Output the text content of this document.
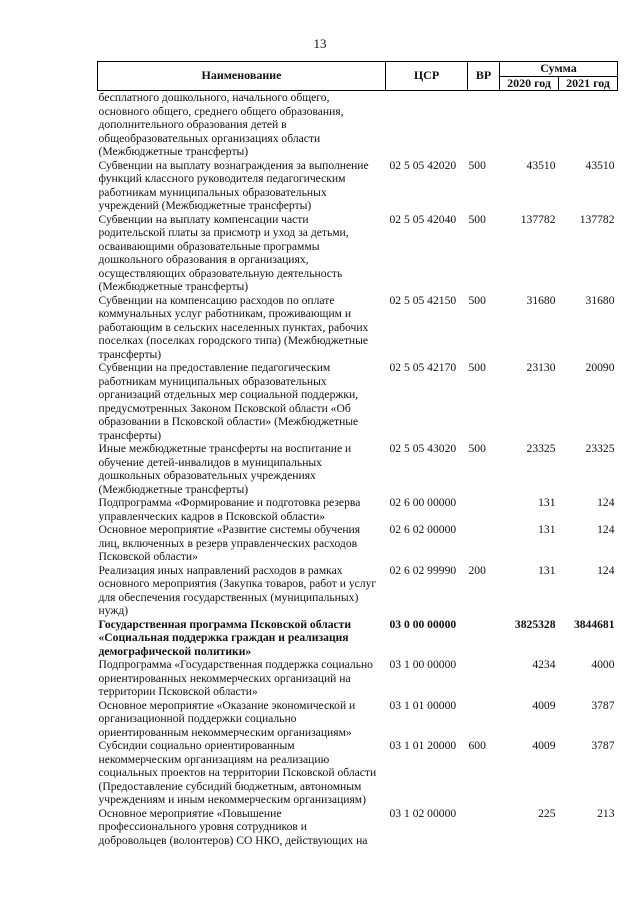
13
Наименование	ЦСР	ВР	Сумма	
			2020 год	2021 год
бесплатного дошкольного, начального общего, основного общего, среднего общего образования, дополнительного образования детей в общеобразовательных организациях области (Межбюджетные трансферты)				
Субвенции на выплату вознаграждения за выполнение функций классного руководителя педагогическим работникам муниципальных образовательных учреждений (Межбюджетные трансферты)	02 5 05 42020	500	43510	43510
Субвенции на выплату компенсации части родительской платы за присмотр и уход за детьми, осваивающими образовательные программы дошкольного образования в организациях, осуществляющих образовательную деятельность (Межбюджетные трансферты)	02 5 05 42040	500	137782	137782
Субвенции на компенсацию расходов по оплате коммунальных услуг работникам, проживающим и работающим в сельских населенных пунктах, рабочих поселках (поселках городского типа) (Межбюджетные трансферты)	02 5 05 42150	500	31680	31680
Субвенции на предоставление педагогическим работникам муниципальных образовательных организаций отдельных мер социальной поддержки, предусмотренных Законом Псковской области «Об образовании в Псковской области» (Межбюджетные трансферты)	02 5 05 42170	500	23130	20090
Иные межбюджетные трансферты на воспитание и обучение детей-инвалидов в муниципальных дошкольных образовательных учреждениях (Межбюджетные трансферты)	02 5 05 43020	500	23325	23325
Подпрограмма «Формирование и подготовка резерва управленческих кадров в Псковской области»	02 6 00 00000		131	124
Основное мероприятие «Развитие системы обучения лиц, включенных в резерв управленческих расходов Псковской области»	02 6 02 00000		131	124
Реализация иных направлений расходов в рамках основного мероприятия (Закупка товаров, работ и услуг для обеспечения государственных (муниципальных) нужд)	02 6 02 99990	200	131	124
Государственная программа Псковской области «Социальная поддержка граждан и реализация демографической политики»	03 0 00 00000		3825328	3844681
Подпрограмма «Государственная поддержка социально ориентированных некоммерческих организаций на территории Псковской области»	03 1 00 00000		4234	4000
Основное мероприятие «Оказание экономической и организационной поддержки социально ориентированным некоммерческим организациям»	03 1 01 00000		4009	3787
Субсидии социально ориентированным некоммерческим организациям на реализацию социальных проектов на территории Псковской области (Предоставление субсидий бюджетным, автономным учреждениям и иным некоммерческим организациям)	03 1 01 20000	600	4009	3787
Основное мероприятие «Повышение профессионального уровня сотрудников и добровольцев (волонтеров) СО НКО, действующих на	03 1 02 00000		225	213
